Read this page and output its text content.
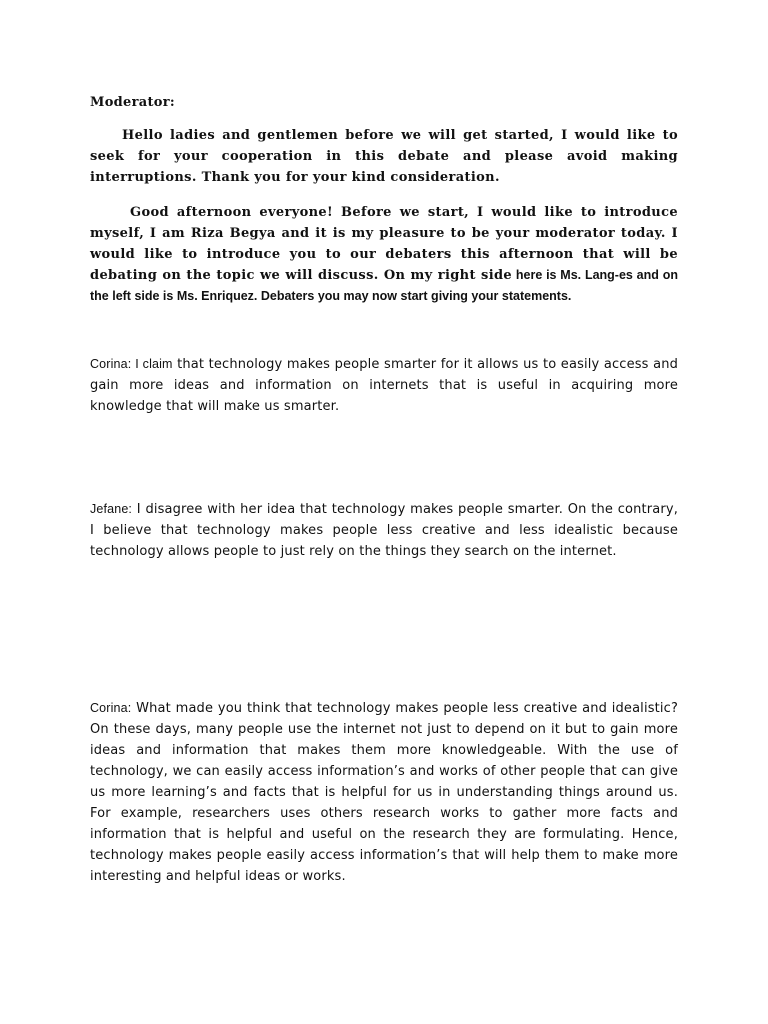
Moderator:

Hello ladies and gentlemen before we will get started, I would like to seek for your cooperation in this debate and please avoid making interruptions. Thank you for your kind consideration.

Good afternoon everyone! Before we start, I would like to introduce myself, I am Riza Begya and it is my pleasure to be your moderator today. I would like to introduce you to our debaters this afternoon that will be debating on the topic we will discuss. On my right side here is Ms. Lang-es and on the left side is Ms. Enriquez. Debaters you may now start giving your statements.

Corina: I claim that technology makes people smarter for it allows us to easily access and gain more ideas and information on internets that is useful in acquiring more knowledge that will make us smarter.

Jefane: I disagree with her idea that technology makes people smarter. On the contrary, I believe that technology makes people less creative and less idealistic because technology allows people to just rely on the things they search on the internet.

Corina: What made you think that technology makes people less creative and idealistic? On these days, many people use the internet not just to depend on it but to gain more ideas and information that makes them more knowledgeable. With the use of technology, we can easily access information’s and works of other people that can give us more learning’s and facts that is helpful for us in understanding things around us. For example, researchers uses others research works to gather more facts and information that is helpful and useful on the research they are formulating. Hence, technology makes people easily access information’s that will help them to make more interesting and helpful ideas or works.
